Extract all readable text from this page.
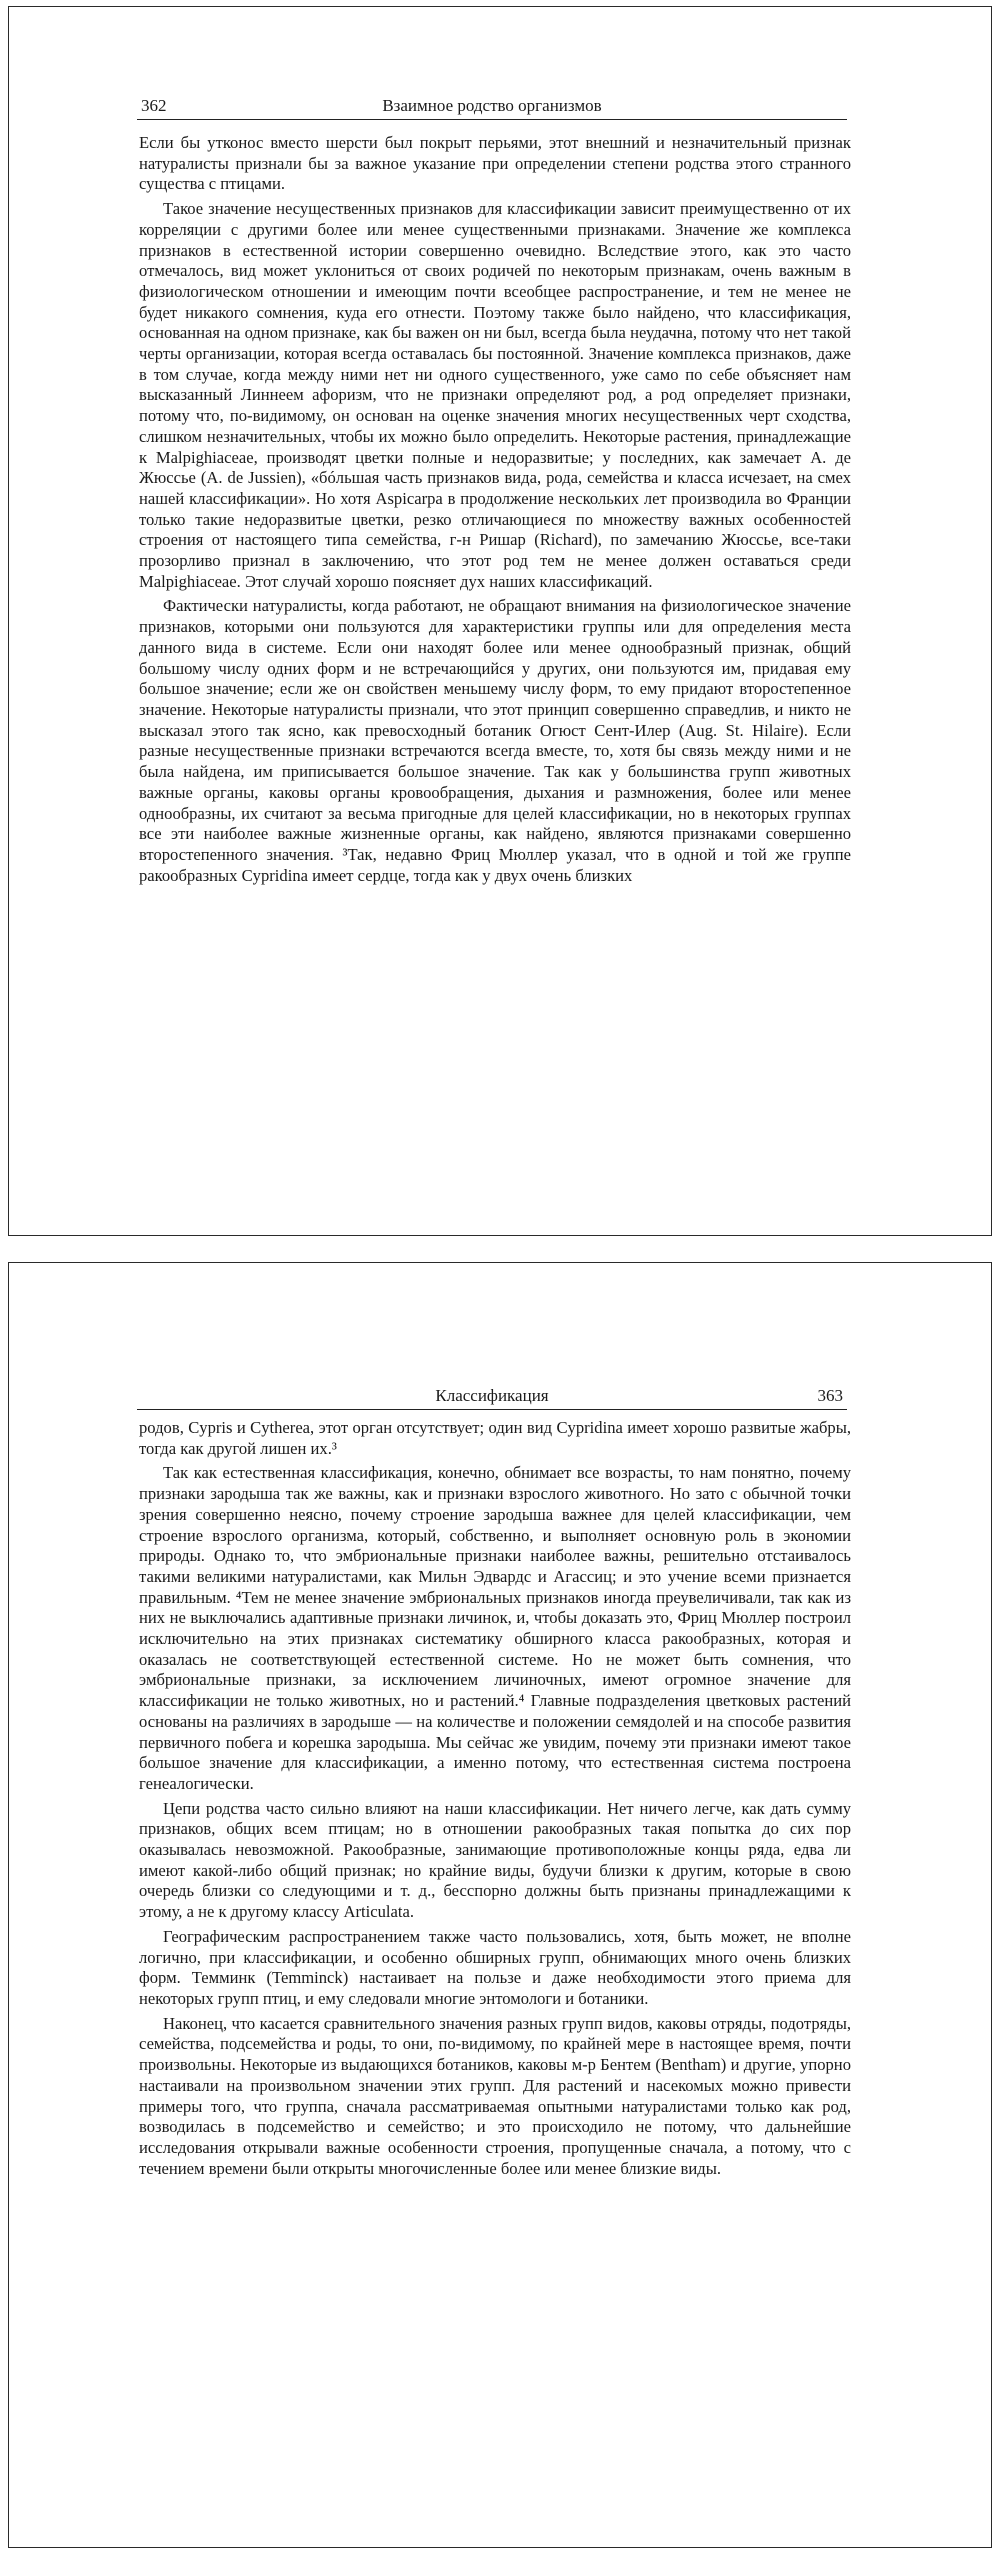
362	Взаимное родство организмов

Если бы утконос вместо шерсти был покрыт перьями, этот внешний и незначительный признак натуралисты признали бы за важное указание при определении степени родства этого странного существа с птицами.

Такое значение несущественных признаков для классификации зависит преимущественно от их корреляции с другими более или менее существенными признаками. Значение же комплекса признаков в естественной истории совершенно очевидно. Вследствие этого, как это часто отмечалось, вид может уклониться от своих родичей по некоторым признакам, очень важным в физиологическом отношении и имеющим почти всеобщее распространение, и тем не менее не будет никакого сомнения, куда его отнести. Поэтому также было найдено, что классификация, основанная на одном признаке, как бы важен он ни был, всегда была неудачна, потому что нет такой черты организации, которая всегда оставалась бы постоянной. Значение комплекса признаков, даже в том случае, когда между ними нет ни одного существенного, уже само по себе объясняет нам высказанный Линнеем афоризм, что не признаки определяют род, а род определяет признаки, потому что, по-видимому, он основан на оценке значения многих несущественных черт сходства, слишком незначительных, чтобы их можно было определить. Некоторые растения, принадлежащие к Malpighiaceae, производят цветки полные и недоразвитые; у последних, как замечает А. де Жюссье (A. de Jussien), «бóльшая часть признаков вида, рода, семейства и класса исчезает, на смех нашей классификации». Но хотя Aspicarpa в продолжение нескольких лет производила во Франции только такие недоразвитые цветки, резко отличающиеся по множеству важных особенностей строения от настоящего типа семейства, г-н Ришар (Richard), по замечанию Жюссье, все-таки прозорливо признал в заключению, что этот род тем не менее должен оставаться среди Malpighiaceae. Этот случай хорошо поясняет дух наших классификаций.

Фактически натуралисты, когда работают, не обращают внимания на физиологическое значение признаков, которыми они пользуются для характеристики группы или для определения места данного вида в системе. Если они находят более или менее однообразный признак, общий большому числу одних форм и не встречающийся у других, они пользуются им, придавая ему большое значение; если же он свойствен меньшему числу форм, то ему придают второстепенное значение. Некоторые натуралисты признали, что этот принцип совершенно справедлив, и никто не высказал этого так ясно, как превосходный ботаник Огюст Сент-Илер (Aug. St. Hilaire). Если разные несущественные признаки встречаются всегда вместе, то, хотя бы связь между ними и не была найдена, им приписывается большое значение. Так как у большинства групп животных важные органы, каковы органы кровообращения, дыхания и размножения, более или менее однообразны, их считают за весьма пригодные для целей классификации, но в некоторых группах все эти наиболее важные жизненные органы, как найдено, являются признаками совершенно второстепенного значения. ³Так, недавно Фриц Мюллер указал, что в одной и той же группе ракообразных Cypridina имеет сердце, тогда как у двух очень близких

Классификация	363

родов, Cypris и Cytherea, этот орган отсутствует; один вид Cypridina имеет хорошо развитые жабры, тогда как другой лишен их.³

Так как естественная классификация, конечно, обнимает все возрасты, то нам понятно, почему признаки зародыша так же важны, как и признаки взрослого животного. Но зато с обычной точки зрения совершенно неясно, почему строение зародыша важнее для целей классификации, чем строение взрослого организма, который, собственно, и выполняет основную роль в экономии природы. Однако то, что эмбриональные признаки наиболее важны, решительно отстаивалось такими великими натуралистами, как Мильн Эдвардс и Агассиц; и это учение всеми признается правильным. ⁴Тем не менее значение эмбриональных признаков иногда преувеличивали, так как из них не выключались адаптивные признаки личинок, и, чтобы доказать это, Фриц Мюллер построил исключительно на этих признаках систематику обширного класса ракообразных, которая и оказалась не соответствующей естественной системе. Но не может быть сомнения, что эмбриональные признаки, за исключением личиночных, имеют огромное значение для классификации не только животных, но и растений.⁴ Главные подразделения цветковых растений основаны на различиях в зародыше — на количестве и положении семядолей и на способе развития первичного побега и корешка зародыша. Мы сейчас же увидим, почему эти признаки имеют такое большое значение для классификации, а именно потому, что естественная система построена генеалогически.

Цепи родства часто сильно влияют на наши классификации. Нет ничего легче, как дать сумму признаков, общих всем птицам; но в отношении ракообразных такая попытка до сих пор оказывалась невозможной. Ракообразные, занимающие противоположные концы ряда, едва ли имеют какой-либо общий признак; но крайние виды, будучи близки к другим, которые в свою очередь близки со следующими и т. д., бесспорно должны быть признаны принадлежащими к этому, а не к другому классу Articulata.

Географическим распространением также часто пользовались, хотя, быть может, не вполне логично, при классификации, и особенно обширных групп, обнимающих много очень близких форм. Темминк (Temminck) настаивает на пользе и даже необходимости этого приема для некоторых групп птиц, и ему следовали многие энтомологи и ботаники.

Наконец, что касается сравнительного значения разных групп видов, каковы отряды, подотряды, семейства, подсемейства и роды, то они, по-видимому, по крайней мере в настоящее время, почти произвольны. Некоторые из выдающихся ботаников, каковы м-р Бентем (Bentham) и другие, упорно настаивали на произвольном значении этих групп. Для растений и насекомых можно привести примеры того, что группа, сначала рассматриваемая опытными натуралистами только как род, возводилась в подсемейство и семейство; и это происходило не потому, что дальнейшие исследования открывали важные особенности строения, пропущенные сначала, а потому, что с течением времени были открыты многочисленные более или менее близкие виды.
